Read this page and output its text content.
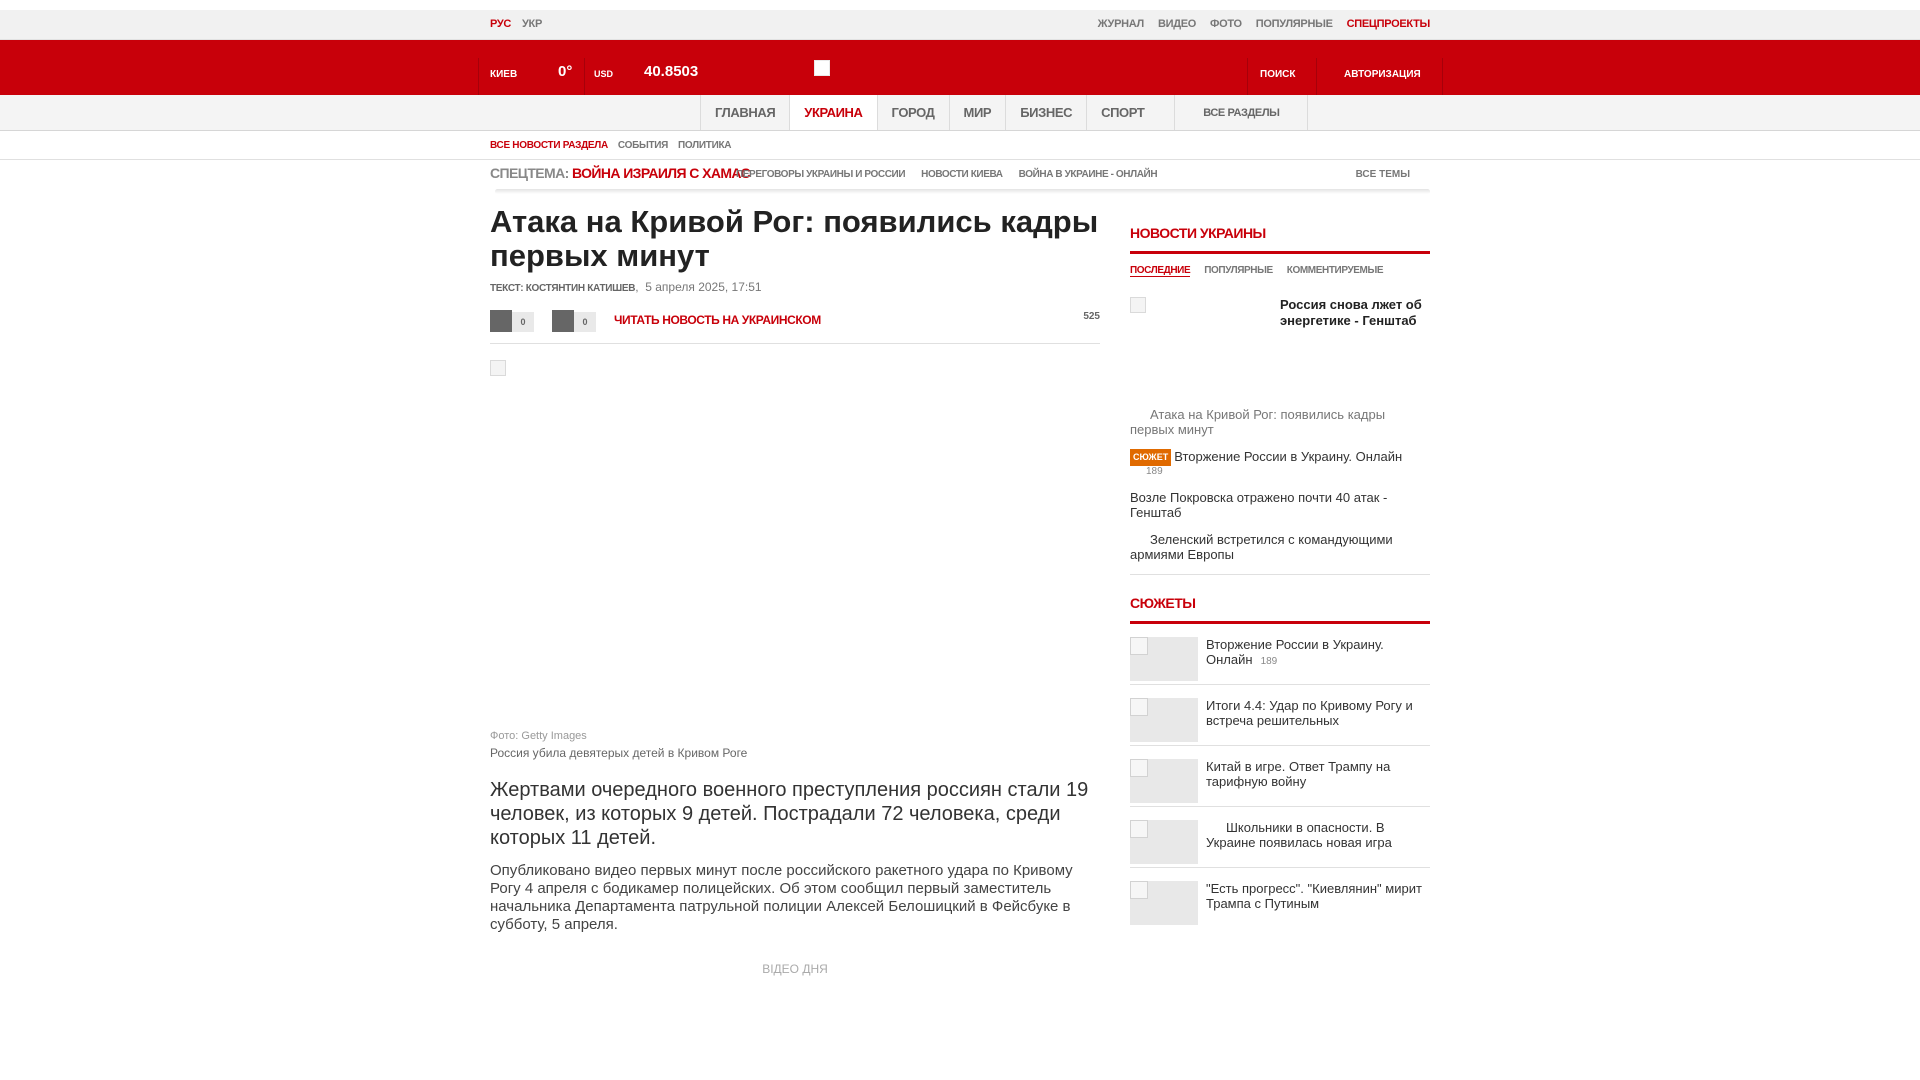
РУС УКР	ЖУРНАЛ ВИДЕО ФОТО ПОПУЛЯРНЫЕ СПЕЦПРОЕКТЫ
КИЕВ	0° USD 40.8503	ПОИСК	АВТОРИЗАЦИЯ
ГЛАВНАЯ	УКРАИНА	ГОРОД	МИР	БИЗНЕС	СПОРТ	ВСЕ РАЗДЕЛЫ
ВСЕ НОВОСТИ РАЗДЕЛА СОБЫТИЯ ПОЛИТИКА
СПЕЦТЕМА: ВОЙНА ИЗРАИЛЯ С ХАМАС
ПЕРЕГОВОРЫ УКРАИНЫ И РОССИИ НОВОСТИ КИЕВА ВОЙНА В УКРАИНЕ - ОНЛАЙН	ВСЕ ТЕМЫ
Атака на Кривой Рог: появились кадры первых минут
ТЕКСТ: КОСТЯНТИН КАТИШЕВ,  5 апреля 2025, 17:51
0	0	ЧИТАТЬ НОВОСТЬ НА УКРАИНСКОМ	525
Фото: Getty Images
Россия убила девятерых детей в Кривом Роге

Жертвами очередного военного преступления россиян стали 19 человек, из которых 9 детей. Пострадали 72 человека, среди которых 11 детей.

Опубликовано видео первых минут после российского ракетного удара по Кривому Рогу 4 апреля с бодикамер полицейских. Об этом сообщил первый заместитель начальника Департамента патрульной полиции Алексей Белошицкий в Фейсбуке в субботу, 5 апреля.

ВІДЕО ДНЯ
НОВОСТИ УКРАИНЫ
ПОСЛЕДНИЕ ПОПУЛЯРНЫЕ КОММЕНТИРУЕМЫЕ
Россия снова лжет об энергетике - Генштаб
Атака на Кривой Рог: появились кадры первых минут
СЮЖЕТ Вторжение России в Украину. Онлайн
189
Возле Покровска отражено почти 40 атак - Генштаб
Зеленский встретился с командующими армиями Европы
СЮЖЕТЫ
Вторжение России в Украину. Онлайн 189
Итоги 4.4: Удар по Кривому Рогу и встреча решительных
Китай в игре. Ответ Трампу на тарифную войну
Школьники в опасности. В Украине появилась новая игра
"Есть прогресс". "Киевлянин" мирит Трампа с Путиным
